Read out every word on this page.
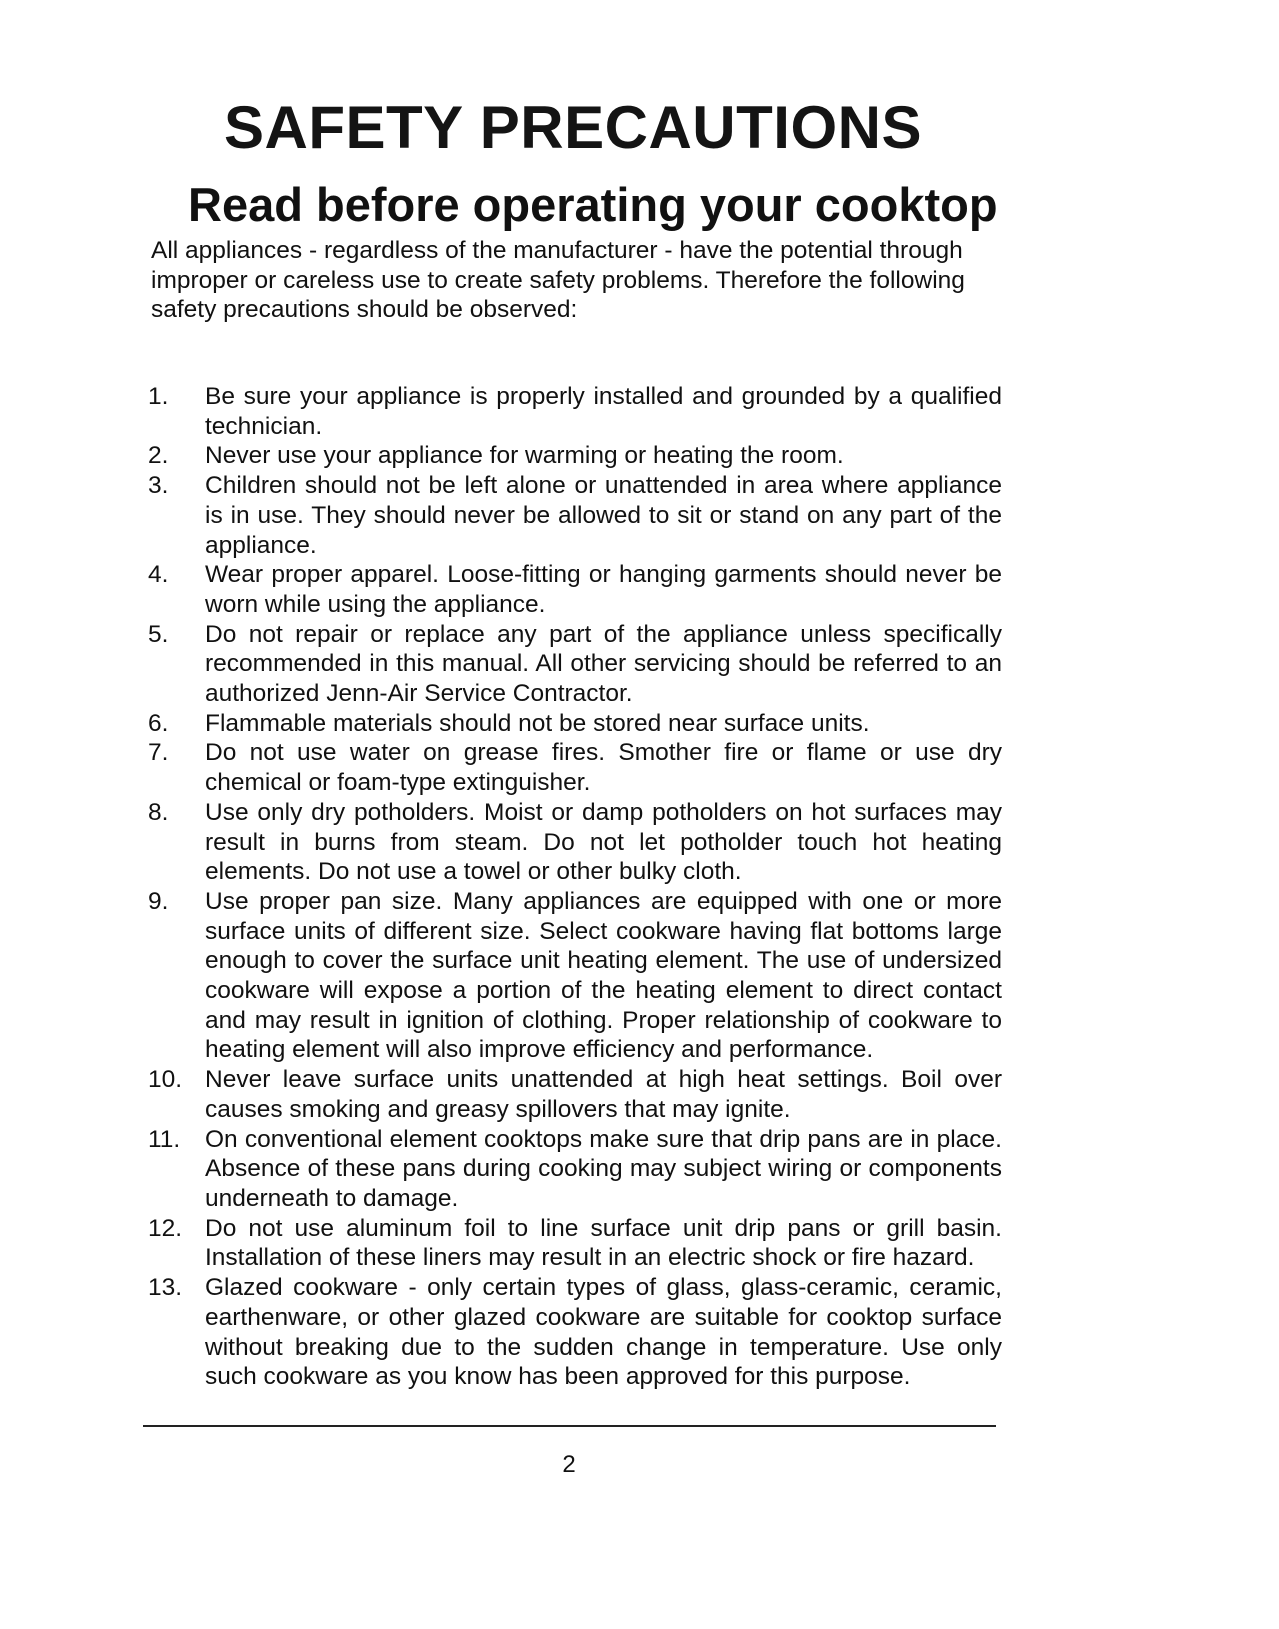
SAFETY PRECAUTIONS
Read before operating your cooktop

All appliances - regardless of the manufacturer - have the potential through improper or careless use to create safety problems. Therefore the following safety precautions should be observed:

1.	Be sure your appliance is properly installed and grounded by a qualified technician.
2.	Never use your appliance for warming or heating the room.
3.	Children should not be left alone or unattended in area where appliance is in use. They should never be allowed to sit or stand on any part of the appliance.
4.	Wear proper apparel. Loose-fitting or hanging garments should never be worn while using the appliance.
5.	Do not repair or replace any part of the appliance unless specifically recommended in this manual. All other servicing should be referred to an authorized Jenn-Air Service Contractor.
6.	Flammable materials should not be stored near surface units.
7.	Do not use water on grease fires. Smother fire or flame or use dry chemical or foam-type extinguisher.
8.	Use only dry potholders. Moist or damp potholders on hot surfaces may result in burns from steam. Do not let potholder touch hot heating elements. Do not use a towel or other bulky cloth.
9.	Use proper pan size. Many appliances are equipped with one or more surface units of different size. Select cookware having flat bottoms large enough to cover the surface unit heating element. The use of undersized cookware will expose a portion of the heating element to direct contact and may result in ignition of clothing. Proper relationship of cookware to heating element will also improve efficiency and performance.
10. Never leave surface units unattended at high heat settings. Boil over causes smoking and greasy spillovers that may ignite.
11.	On conventional element cooktops make sure that drip pans are in place. Absence of these pans during cooking may subject wiring or components underneath to damage.
12. Do not use aluminum foil to line surface unit drip pans or grill basin. Installation of these liners may result in an electric shock or fire hazard.
13. Glazed cookware - only certain types of glass, glass-ceramic, ceramic, earthenware, or other glazed cookware are suitable for cooktop surface without breaking due to the sudden change in temperature. Use only such cookware as you know has been approved for this purpose.
2
